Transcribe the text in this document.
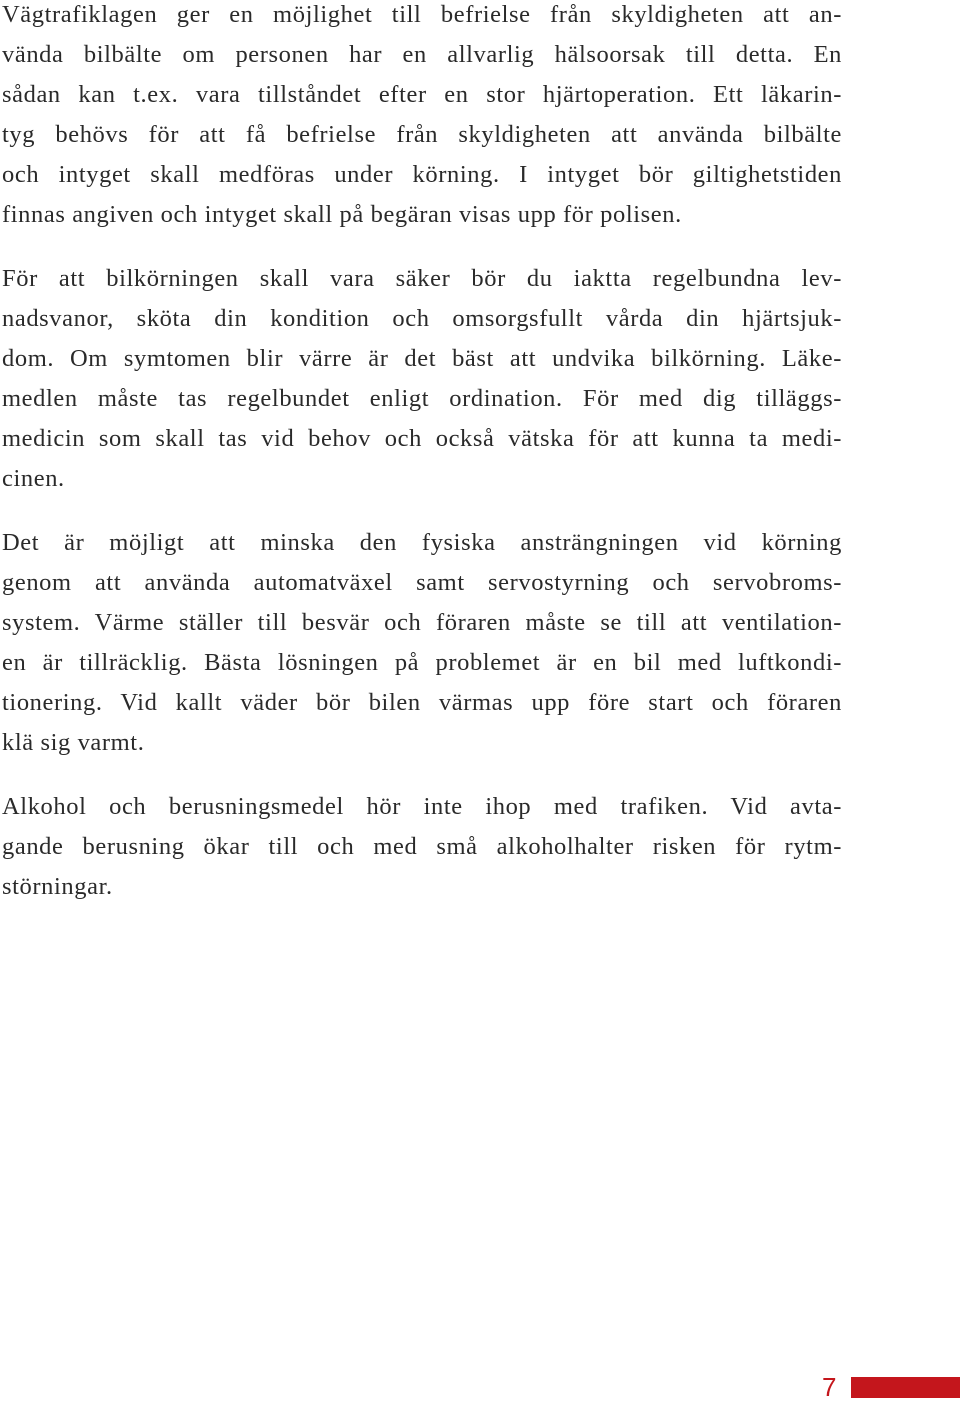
Vägtrafiklagen ger en möjlighet till befrielse från skyldigheten att an-
vända bilbälte om personen har en allvarlig hälsoorsak till detta. En
sådan kan t.ex. vara tillståndet efter en stor hjärtoperation. Ett läkarin-
tyg behövs för att få befrielse från skyldigheten att använda bilbälte
och intyget skall medföras under körning. I intyget bör giltighetstiden
finnas angiven och intyget skall på begäran visas upp för polisen.

För att bilkörningen skall vara säker bör du iaktta regelbundna lev-
nadsvanor, sköta din kondition och omsorgsfullt vårda din hjärtsjuk-
dom. Om symtomen blir värre är det bäst att undvika bilkörning. Läke-
medlen måste tas regelbundet enligt ordination. För med dig tilläggs-
medicin som skall tas vid behov och också vätska för att kunna ta medi-
cinen.

Det är möjligt att minska den fysiska ansträngningen vid körning
genom att använda automatväxel samt servostyrning och servobroms-
system. Värme ställer till besvär och föraren måste se till att ventilation-
en är tillräcklig. Bästa lösningen på problemet är en bil med luftkondi-
tionering. Vid kallt väder bör bilen värmas upp före start och föraren
klä sig varmt.

Alkohol och berusningsmedel hör inte ihop med trafiken. Vid avta-
gande berusning ökar till och med små alkoholhalter risken för rytm-
störningar.

7
